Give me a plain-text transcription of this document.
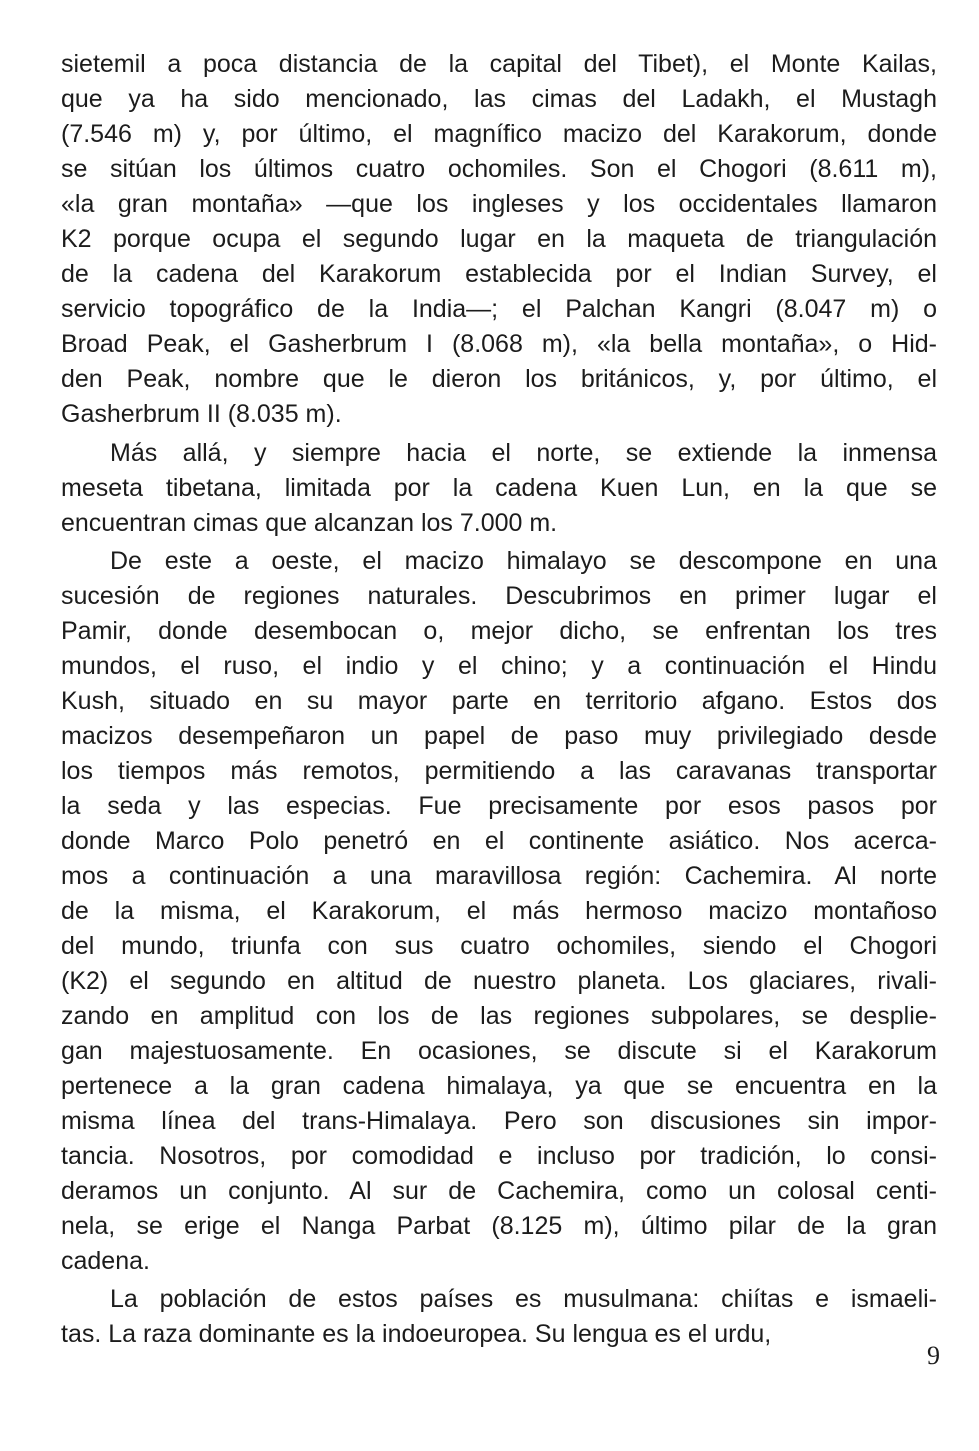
sietemil a poca distancia de la capital del Tibet), el Monte Kailas,
que ya ha sido mencionado, las cimas del Ladakh, el Mustagh
(7.546 m) y, por último, el magnífico macizo del Karakorum, donde
se sitúan los últimos cuatro ochomiles. Son el Chogori (8.611 m),
«la gran montaña» —que los ingleses y los occidentales llamaron
K2 porque ocupa el segundo lugar en la maqueta de triangulación
de la cadena del Karakorum establecida por el Indian Survey, el
servicio topográfico de la India—; el Palchan Kangri (8.047 m) o
Broad Peak, el Gasherbrum I (8.068 m), «la bella montaña», o Hid-
den Peak, nombre que le dieron los británicos, y, por último, el
Gasherbrum II (8.035 m).
Más allá, y siempre hacia el norte, se extiende la inmensa
meseta tibetana, limitada por la cadena Kuen Lun, en la que se
encuentran cimas que alcanzan los 7.000 m.
De este a oeste, el macizo himalayo se descompone en una
sucesión de regiones naturales. Descubrimos en primer lugar el
Pamir, donde desembocan o, mejor dicho, se enfrentan los tres
mundos, el ruso, el indio y el chino; y a continuación el Hindu
Kush, situado en su mayor parte en territorio afgano. Estos dos
macizos desempeñaron un papel de paso muy privilegiado desde
los tiempos más remotos, permitiendo a las caravanas transportar
la seda y las especias. Fue precisamente por esos pasos por
donde Marco Polo penetró en el continente asiático. Nos acerca-
mos a continuación a una maravillosa región: Cachemira. Al norte
de la misma, el Karakorum, el más hermoso macizo montañoso
del mundo, triunfa con sus cuatro ochomiles, siendo el Chogori
(K2) el segundo en altitud de nuestro planeta. Los glaciares, rivali-
zando en amplitud con los de las regiones subpolares, se desplie-
gan majestuosamente. En ocasiones, se discute si el Karakorum
pertenece a la gran cadena himalaya, ya que se encuentra en la
misma línea del trans-Himalaya. Pero son discusiones sin impor-
tancia. Nosotros, por comodidad e incluso por tradición, lo consi-
deramos un conjunto. Al sur de Cachemira, como un colosal centi-
nela, se erige el Nanga Parbat (8.125 m), último pilar de la gran
cadena.
La población de estos países es musulmana: chiítas e ismaeli-
tas. La raza dominante es la indoeuropea. Su lengua es el urdu,
9
